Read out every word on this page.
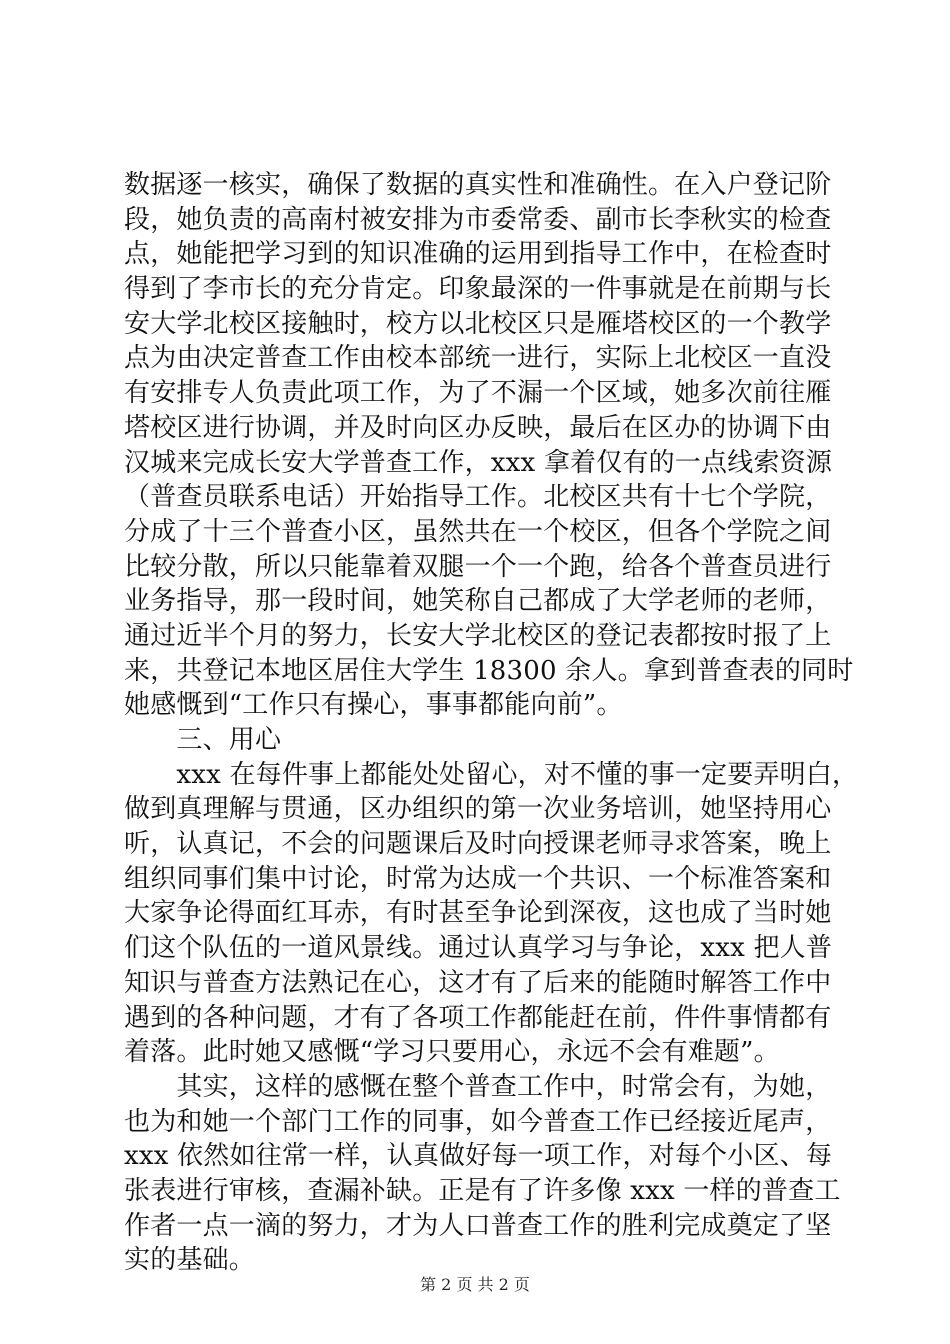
数据逐一核实，确保了数据的真实性和准确性。在入户登记阶
段，她负责的高南村被安排为市委常委、副市长李秋实的检查
点，她能把学习到的知识准确的运用到指导工作中，在检查时
得到了李市长的充分肯定。印象最深的一件事就是在前期与长
安大学北校区接触时，校方以北校区只是雁塔校区的一个教学
点为由决定普查工作由校本部统一进行，实际上北校区一直没
有安排专人负责此项工作，为了不漏一个区域，她多次前往雁
塔校区进行协调，并及时向区办反映，最后在区办的协调下由
汉城来完成长安大学普查工作，xxx 拿着仅有的一点线索资源
（普查员联系电话）开始指导工作。北校区共有十七个学院，
分成了十三个普查小区，虽然共在一个校区，但各个学院之间
比较分散，所以只能靠着双腿一个一个跑，给各个普查员进行
业务指导，那一段时间，她笑称自己都成了大学老师的老师，
通过近半个月的努力，长安大学北校区的登记表都按时报了上
来，共登记本地区居住大学生 18300 余人。拿到普查表的同时
她感慨到“工作只有操心，事事都能向前”。
　　三、用心
　　xxx 在每件事上都能处处留心，对不懂的事一定要弄明白，
做到真理解与贯通，区办组织的第一次业务培训，她坚持用心
听，认真记，不会的问题课后及时向授课老师寻求答案，晚上
组织同事们集中讨论，时常为达成一个共识、一个标准答案和
大家争论得面红耳赤，有时甚至争论到深夜，这也成了当时她
们这个队伍的一道风景线。通过认真学习与争论，xxx 把人普
知识与普查方法熟记在心，这才有了后来的能随时解答工作中
遇到的各种问题，才有了各项工作都能赶在前，件件事情都有
着落。此时她又感慨“学习只要用心，永远不会有难题”。
　　其实，这样的感慨在整个普查工作中，时常会有，为她，
也为和她一个部门工作的同事，如今普查工作已经接近尾声，
xxx 依然如往常一样，认真做好每一项工作，对每个小区、每
张表进行审核，查漏补缺。正是有了许多像 xxx 一样的普查工
作者一点一滴的努力，才为人口普查工作的胜利完成奠定了坚
实的基础。
第 2 页 共 2 页
